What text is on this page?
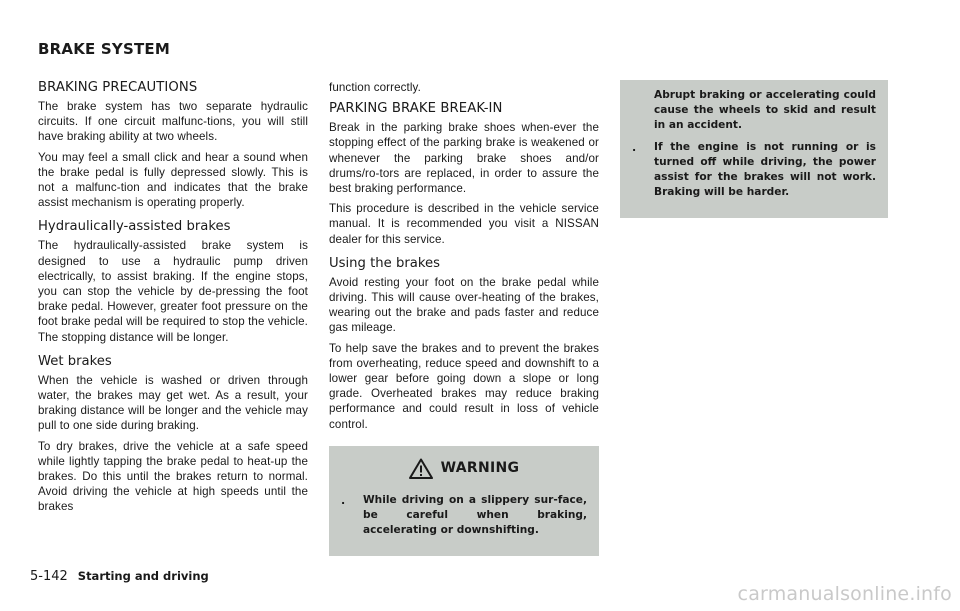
BRAKE SYSTEM
BRAKING PRECAUTIONS

The brake system has two separate hydraulic circuits. If one circuit malfunc-tions, you will still have braking ability at two wheels.

You may feel a small click and hear a sound when the brake pedal is fully depressed slowly. This is not a malfunc-tion and indicates that the brake assist mechanism is operating properly.

Hydraulically-assisted brakes

The hydraulically-assisted brake system is designed to use a hydraulic pump driven electrically, to assist braking. If the engine stops, you can stop the vehicle by de-pressing the foot brake pedal. However, greater foot pressure on the foot brake pedal will be required to stop the vehicle. The stopping distance will be longer.

Wet brakes

When the vehicle is washed or driven through water, the brakes may get wet. As a result, your braking distance will be longer and the vehicle may pull to one side during braking.

To dry brakes, drive the vehicle at a safe speed while lightly tapping the brake pedal to heat-up the brakes. Do this until the brakes return to normal. Avoid driving the vehicle at high speeds until the brakes

function correctly.

PARKING BRAKE BREAK-IN

Break in the parking brake shoes when-ever the stopping effect of the parking brake is weakened or whenever the parking brake shoes and/or drums/ro-tors are replaced, in order to assure the best braking performance.

This procedure is described in the vehicle service manual. It is recommended you visit a NISSAN dealer for this service.

Using the brakes

Avoid resting your foot on the brake pedal while driving. This will cause over-heating of the brakes, wearing out the brake and pads faster and reduce gas mileage.

To help save the brakes and to prevent the brakes from overheating, reduce speed and downshift to a lower gear before going down a slope or long grade. Overheated brakes may reduce braking performance and could result in loss of vehicle control.

WARNING
.	While driving on a slippery sur-face, be careful when braking, accelerating or downshifting.
Abrupt braking or accelerating could cause the wheels to skid and result in an accident.
.	If the engine is not running or is turned off while driving, the power assist for the brakes will not work. Braking will be harder.
5-142 Starting and driving
carmanualsonline.info
